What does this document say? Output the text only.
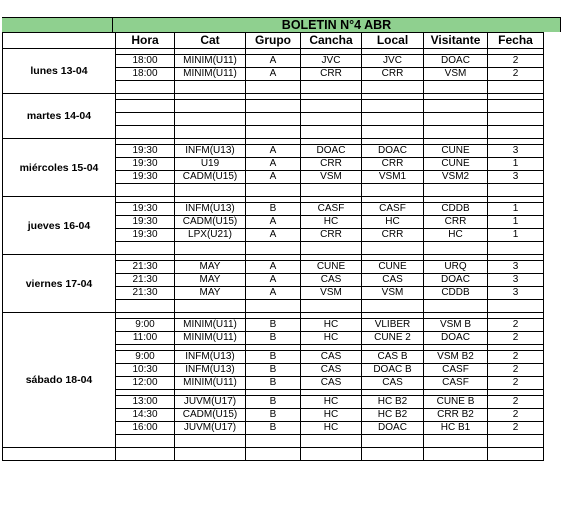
BOLETIN N°4 ABR

	Hora	Cat	Grupo	Cancha	Local	Visitante	Fecha
lunes 13-04							
	18:00	MINIM(U11)	A	JVC	JVC	DOAC	2
	18:00	MINIM(U11)	A	CRR	CRR	VSM	2

martes 14-04							

miércoles 15-04							
	19:30	INFM(U13)	A	DOAC	DOAC	CUNE	3
	19:30	U19	A	CRR	CRR	CUNE	1
	19:30	CADM(U15)	A	VSM	VSM1	VSM2	3

jueves 16-04							
	19:30	INFM(U13)	B	CASF	CASF	CDDB	1
	19:30	CADM(U15)	A	HC	HC	CRR	1
	19:30	LPX(U21)	A	CRR	CRR	HC	1

viernes 17-04							
	21:30	MAY	A	CUNE	CUNE	URQ	3
	21:30	MAY	A	CAS	CAS	DOAC	3
	21:30	MAY	A	VSM	VSM	CDDB	3

sábado 18-04							
	9:00	MINIM(U11)	B	HC	VLIBER	VSM B	2
	11:00	MINIM(U11)	B	HC	CUNE 2	DOAC	2

	9:00	INFM(U13)	B	CAS	CAS B	VSM B2	2
	10:30	INFM(U13)	B	CAS	DOAC B	CASF	2
	12:00	MINIM(U11)	B	CAS	CAS	CASF	2

	13:00	JUVM(U17)	B	HC	HC B2	CUNE B	2
	14:30	CADM(U15)	B	HC	HC B2	CRR B2	2
	16:00	JUVM(U17)	B	HC	DOAC	HC B1	2
